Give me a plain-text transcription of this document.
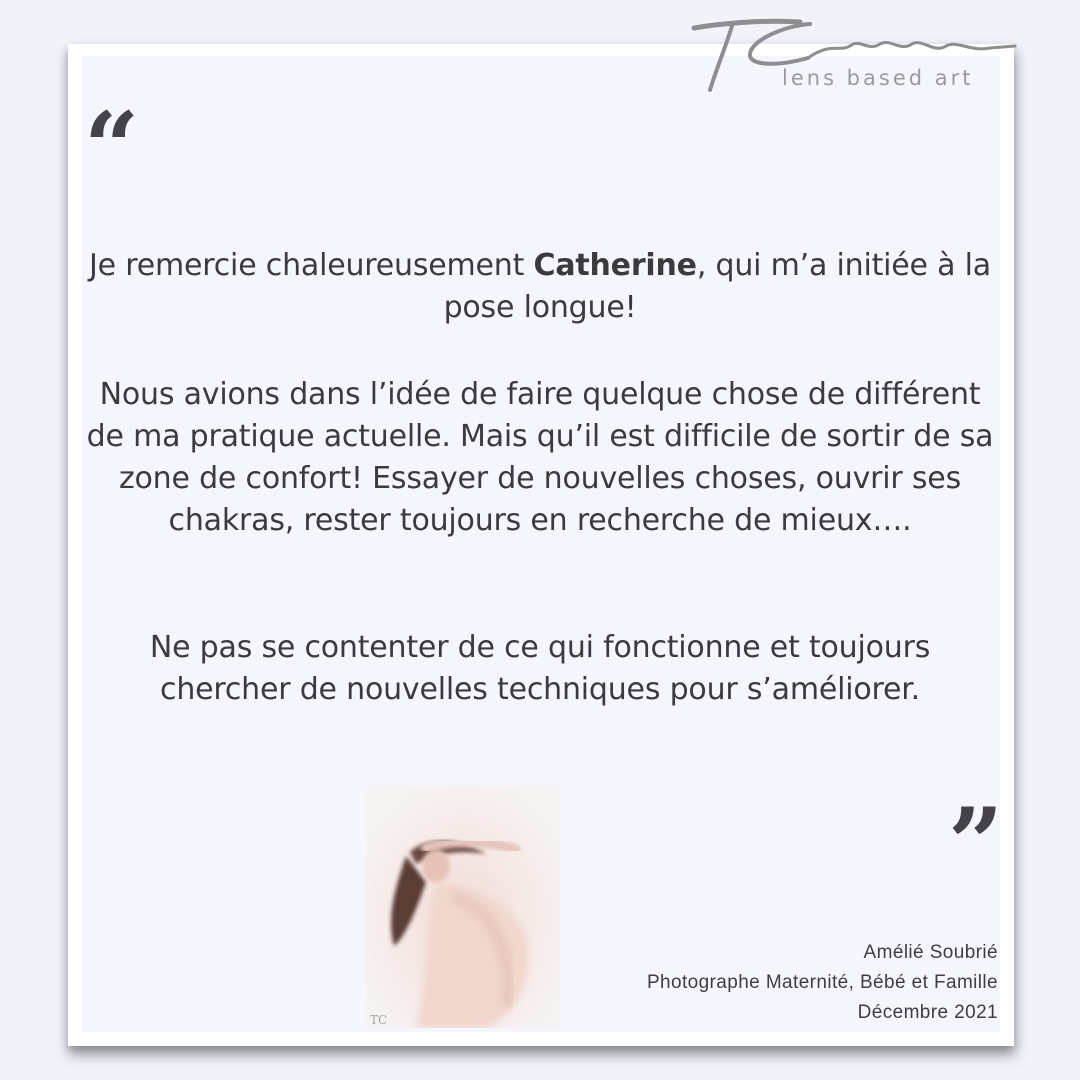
lens based art
“
Je remercie chaleureusement Catherine, qui m’a initiée à la pose longue!
Nous avions dans l’idée de faire quelque chose de différent de ma pratique actuelle. Mais qu’il est difficile de sortir de sa zone de confort! Essayer de nouvelles choses, ouvrir ses chakras, rester toujours en recherche de mieux….
Ne pas se contenter de ce qui fonctionne et toujours chercher de nouvelles techniques pour s’améliorer.
”
TC
Amélié Soubrié
Photographe Maternité, Bébé et Famille
Décembre 2021
